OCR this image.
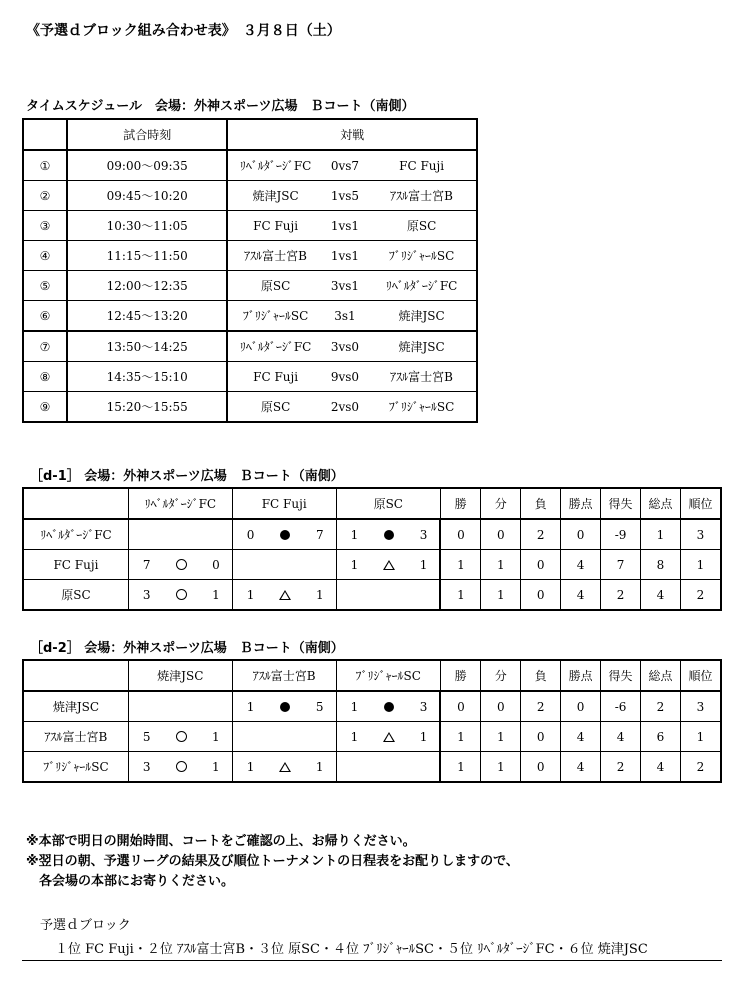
《予選ｄブロック組み合わせ表》　３月８日（土）
タイムスケジュール　会場：外神スポーツ広場　Ｂコート（南側）
	試合時刻	対戦		
①	09:00～09:35	ﾘﾍﾞﾙﾀﾞｰｼﾞFC	0vs7	FC Fuji
②	09:45～10:20	焼津JSC	1vs5	ｱｽﾙ富士宮B
③	10:30～11:05	FC Fuji	1vs1	原SC
④	11:15～11:50	ｱｽﾙ富士宮B	1vs1	ﾌﾞﾘｼﾞｬｰﾙSC
⑤	12:00～12:35	原SC	3vs1	ﾘﾍﾞﾙﾀﾞｰｼﾞFC
⑥	12:45～13:20	ﾌﾞﾘｼﾞｬｰﾙSC	3s1	焼津JSC
⑦	13:50～14:25	ﾘﾍﾞﾙﾀﾞｰｼﾞFC	3vs0	焼津JSC
⑧	14:35～15:10	FC Fuji	9vs0	ｱｽﾙ富士宮B
⑨	15:20～15:55	原SC	2vs0	ﾌﾞﾘｼﾞｬｰﾙSC
［d-1］ 会場：外神スポーツ広場　Ｂコート（南側）
	ﾘﾍﾞﾙﾀﾞｰｼﾞFC	FC Fuji	原SC	勝	分	負	勝点	得失	総点	順位
ﾘﾍﾞﾙﾀﾞｰｼﾞFC		0 7	1 3	0	0	2	0	-9	1	3
FC Fuji	7 0		1 1	1	1	0	4	7	8	1
原SC	3 1	1 1		1	1	0	4	2	4	2
［d-2］ 会場：外神スポーツ広場　Ｂコート（南側）
	焼津JSC	ｱｽﾙ富士宮B	ﾌﾞﾘｼﾞｬｰﾙSC	勝	分	負	勝点	得失	総点	順位
焼津JSC		1 5	1 3	0	0	2	0	-6	2	3
ｱｽﾙ富士宮B	5 1		1 1	1	1	0	4	4	6	1
ﾌﾞﾘｼﾞｬｰﾙSC	3 1	1 1		1	1	0	4	2	4	2
※本部で明日の開始時間、コートをご確認の上、お帰りください。
※翌日の朝、予選リーグの結果及び順位トーナメントの日程表をお配りしますので、
　各会場の本部にお寄りください。
予選ｄブロック
１位 FC Fuji・２位 ｱｽﾙ富士宮B・３位 原SC・４位 ﾌﾞﾘｼﾞｬｰﾙSC・５位 ﾘﾍﾞﾙﾀﾞｰｼﾞFC・６位 焼津JSC
